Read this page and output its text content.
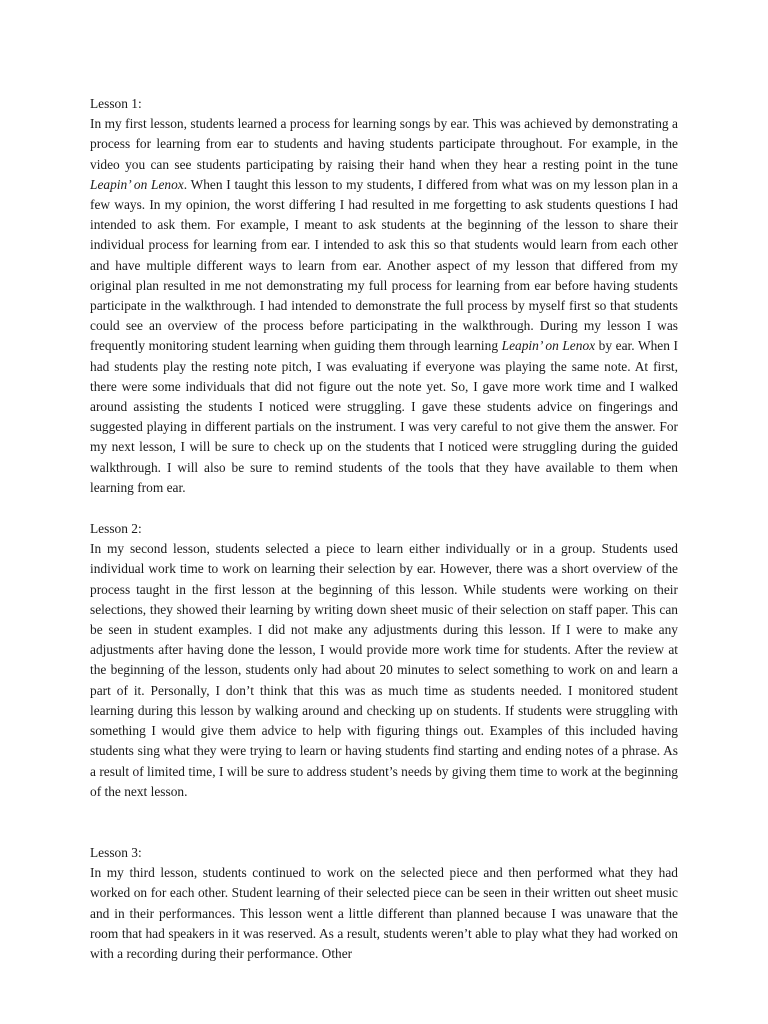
Lesson 1:

In my first lesson, students learned a process for learning songs by ear. This was achieved by demonstrating a process for learning from ear to students and having students participate throughout. For example, in the video you can see students participating by raising their hand when they hear a resting point in the tune Leapin’ on Lenox. When I taught this lesson to my students, I differed from what was on my lesson plan in a few ways. In my opinion, the worst differing I had resulted in me forgetting to ask students questions I had intended to ask them. For example, I meant to ask students at the beginning of the lesson to share their individual process for learning from ear. I intended to ask this so that students would learn from each other and have multiple different ways to learn from ear. Another aspect of my lesson that differed from my original plan resulted in me not demonstrating my full process for learning from ear before having students participate in the walkthrough. I had intended to demonstrate the full process by myself first so that students could see an overview of the process before participating in the walkthrough. During my lesson I was frequently monitoring student learning when guiding them through learning Leapin’ on Lenox by ear. When I had students play the resting note pitch, I was evaluating if everyone was playing the same note. At first, there were some individuals that did not figure out the note yet. So, I gave more work time and I walked around assisting the students I noticed were struggling. I gave these students advice on fingerings and suggested playing in different partials on the instrument. I was very careful to not give them the answer. For my next lesson, I will be sure to check up on the students that I noticed were struggling during the guided walkthrough. I will also be sure to remind students of the tools that they have available to them when learning from ear.

Lesson 2:

In my second lesson, students selected a piece to learn either individually or in a group. Students used individual work time to work on learning their selection by ear. However, there was a short overview of the process taught in the first lesson at the beginning of this lesson. While students were working on their selections, they showed their learning by writing down sheet music of their selection on staff paper. This can be seen in student examples. I did not make any adjustments during this lesson. If I were to make any adjustments after having done the lesson, I would provide more work time for students. After the review at the beginning of the lesson, students only had about 20 minutes to select something to work on and learn a part of it. Personally, I don’t think that this was as much time as students needed. I monitored student learning during this lesson by walking around and checking up on students. If students were struggling with something I would give them advice to help with figuring things out. Examples of this included having students sing what they were trying to learn or having students find starting and ending notes of a phrase. As a result of limited time, I will be sure to address student’s needs by giving them time to work at the beginning of the next lesson.

Lesson 3:

In my third lesson, students continued to work on the selected piece and then performed what they had worked on for each other. Student learning of their selected piece can be seen in their written out sheet music and in their performances. This lesson went a little different than planned because I was unaware that the room that had speakers in it was reserved. As a result, students weren’t able to play what they had worked on with a recording during their performance. Other
